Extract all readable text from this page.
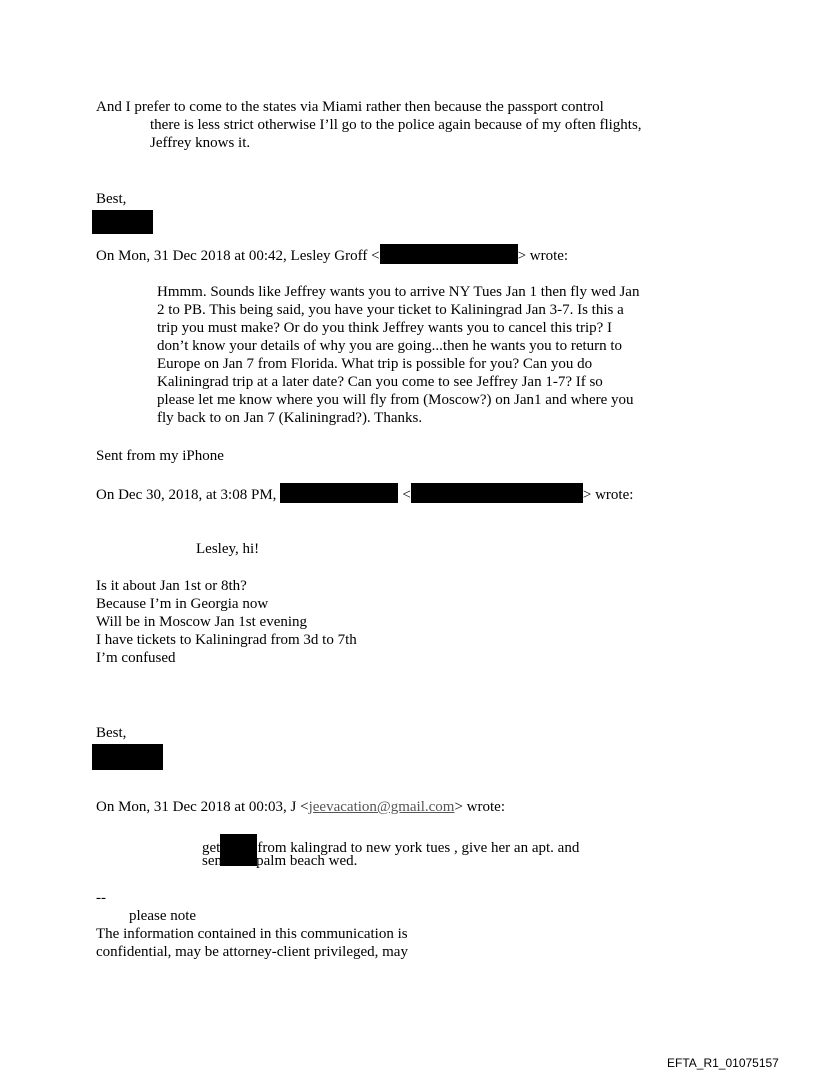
And I prefer to come to the states via Miami rather then because the passport control
there is less strict otherwise I’ll go to the police again because of my often flights,
Jeffrey knows it.
Best,
On Mon, 31 Dec 2018 at 00:42, Lesley Groff <	> wrote:
Hmmm. Sounds like Jeffrey wants you to arrive NY Tues Jan 1 then fly wed Jan
2 to PB. This being said, you have your ticket to Kaliningrad Jan 3-7. Is this a
trip you must make? Or do you think Jeffrey wants you to cancel this trip? I
don’t know your details of why you are going...then he wants you to return to
Europe on Jan 7 from Florida. What trip is possible for you? Can you do
Kaliningrad trip at a later date? Can you come to see Jeffrey Jan 1-7? If so
please let me know where you will fly from (Moscow?) on Jan1 and where you
fly back to on Jan 7 (Kaliningrad?). Thanks.
Sent from my iPhone
On Dec 30, 2018, at 3:08 PM,	<	> wrote:
Lesley, hi!
Is it about Jan 1st or 8th?
Because I’m in Georgia now
Will be in Moscow Jan 1st evening
I have tickets to Kaliningrad from 3d to 7th
I’m confused
Best,
On Mon, 31 Dec 2018 at 00:03, J <jeevacation@gmail.com> wrote:
get from kalingrad to new york tues , give her an apt. and
send her palm beach wed.
--
please note
The information contained in this communication is
confidential, may be attorney-client privileged, may
EFTA_R1_01075157
